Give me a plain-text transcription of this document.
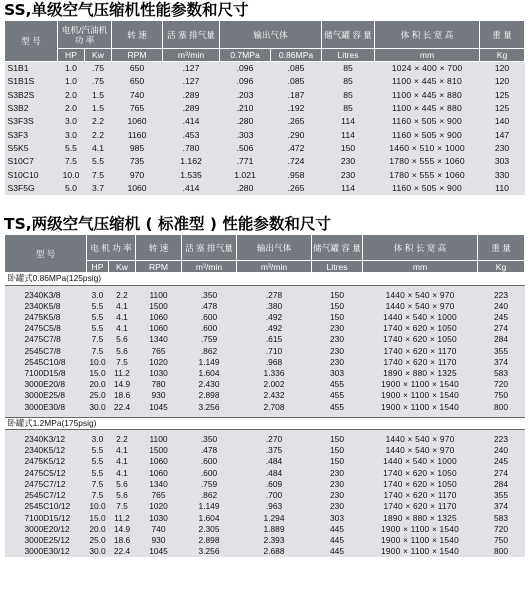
SS,单级空气压缩机性能参数和尺寸
型 号	电机/汽油机 功 率		转 速	活 塞 排气量	输出气体		储气罐 容 量	体 积 长 宽 高	重 量
	HP	Kw	RPM	m³/min	0.7MPa	0.86MPa	Litres	mm	Kg
S1B1	1.0	.75	650	.127	.096	.085	85	1024 × 400 × 700	120
S1B1S	1.0	.75	650	.127	.096	.085	85	1100 × 445 × 810	120
S3B2S	2.0	1.5	740	.289	.203	.187	85	1100 × 445 × 880	125
S3B2	2.0	1.5	765	.289	.210	.192	85	1100 × 445 × 880	125
S3F3S	3.0	2.2	1060	.414	.280	.265	114	1160 × 505 × 900	140
S3F3	3.0	2.2	1160	.453	.303	.290	114	1160 × 505 × 900	147
S5K5	5.5	4.1	985	.780	.506	.472	150	1460 × 510 × 1000	230
S10C7	7.5	5.5	735	1.162	.771	.724	230	1780 × 555 × 1060	303
S10C10	10.0	7.5	970	1.535	1.021	.958	230	1780 × 555 × 1060	330
S3F5G	5.0	3.7	1060	.414	.280	.265	114	1160 × 505 × 900	110
TS,两级空气压缩机 ( 标准型 ) 性能参数和尺寸
型 号	电 机 功 率		转 速	活 塞 排气量	输出气体	储气罐 容 量	体 积 长 宽 高	重 量
	HP	Kw	RPM	m³/min	m³/min	Litres	mm	Kg
卧罐式0.86MPa(125psig)								

2340K3/8	3.0	2.2	1100	.350	.278	150	1440 × 540 × 970	223
2340K5/8	5.5	4.1	1500	.478	.380	150	1440 × 540 × 970	240
2475K5/8	5.5	4.1	1060	.600	.492	150	1440 × 540 × 1000	245
2475C5/8	5.5	4.1	1060	.600	.492	230	1740 × 620 × 1050	274
2475C7/8	7.5	5.6	1340	.759	.615	230	1740 × 620 × 1050	284
2545C7/8	7.5	5.6	765	.862	.710	230	1740 × 620 × 1170	355
2545C10/8	10.0	7.5	1020	1.149	.968	230	1740 × 620 × 1170	374
7100D15/8	15.0	11.2	1030	1.604	1.336	303	1890 × 880 × 1325	583
3000E20/8	20.0	14.9	780	2.430	2.002	455	1900 × 1100 × 1540	720
3000E25/8	25.0	18.6	930	2.898	2.432	455	1900 × 1100 × 1540	750
3000E30/8	30.0	22.4	1045	3.256	2.708	455	1900 × 1100 × 1540	800

卧罐式1.2MPa(175psig)								

2340K3/12	3.0	2.2	1100	.350	.270	150	1440 × 540 × 970	223
2340K5/12	5.5	4.1	1500	.478	.375	150	1440 × 540 × 970	240
2475K5/12	5.5	4.1	1060	.600	.484	150	1440 × 540 × 1000	245
2475C5/12	5.5	4.1	1060	.600	.484	230	1740 × 620 × 1050	274
2475C7/12	7.5	5.6	1340	.759	.609	230	1740 × 620 × 1050	284
2545C7/12	7.5	5.6	765	.862	.700	230	1740 × 620 × 1170	355
2545C10/12	10.0	7.5	1020	1.149	.963	230	1740 × 620 × 1170	374
7100D15/12	15.0	11.2	1030	1.604	1.294	303	1890 × 880 × 1325	583
3000E20/12	20.0	14.9	740	2.305	1.889	445	1900 × 1100 × 1540	720
3000E25/12	25.0	18.6	930	2.898	2.393	445	1900 × 1100 × 1540	750
3000E30/12	30.0	22.4	1045	3.256	2.688	445	1900 × 1100 × 1540	800
